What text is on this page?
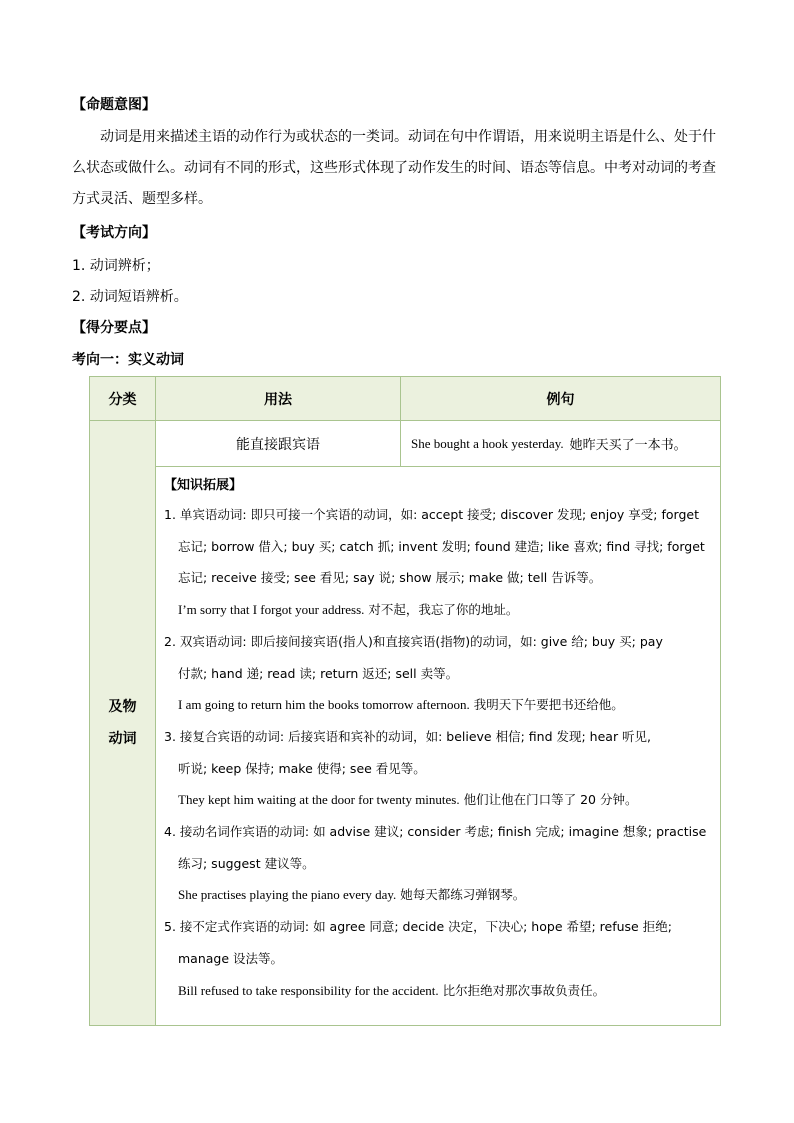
【命题意图】
动词是用来描述主语的动作行为或状态的一类词。动词在句中作谓语，用来说明主语是什么、处于什
么状态或做什么。动词有不同的形式，这些形式体现了动作发生的时间、语态等信息。中考对动词的考查
方式灵活、题型多样。
【考试方向】
1. 动词辨析；
2. 动词短语辨析。
【得分要点】
考向一：实义动词
分类	用法	例句
及物
动词
能直接跟宾语	She bought a hook yesterday. 她昨天买了一本书。
【知识拓展】
1. 单宾语动词: 即只可接一个宾语的动词，如: accept 接受; discover 发现; enjoy 享受; forget
忘记; borrow 借入; buy 买; catch 抓; invent 发明; found 建造; like 喜欢; find 寻找; forget
忘记; receive 接受; see 看见; say 说; show 展示; make 做; tell 告诉等。
I’m sorry that I forgot your address. 对不起，我忘了你的地址。
2. 双宾语动词: 即后接间接宾语(指人)和直接宾语(指物)的动词，如: give 给; buy 买; pay
付款; hand 递; read 读; return 返还; sell 卖等。
I am going to return him the books tomorrow afternoon. 我明天下午要把书还给他。
3. 接复合宾语的动词: 后接宾语和宾补的动词，如: believe 相信; find 发现; hear 听见,
听说; keep 保持; make 使得; see 看见等。
They kept him waiting at the door for twenty minutes. 他们让他在门口等了 20 分钟。
4. 接动名词作宾语的动词: 如 advise 建议; consider 考虑; finish 完成; imagine 想象; practise
练习; suggest 建议等。
She practises playing the piano every day. 她每天都练习弹钢琴。
5. 接不定式作宾语的动词: 如 agree 同意; decide 决定，下决心; hope 希望; refuse 拒绝;
manage 设法等。
Bill refused to take responsibility for the accident. 比尔拒绝对那次事故负责任。
